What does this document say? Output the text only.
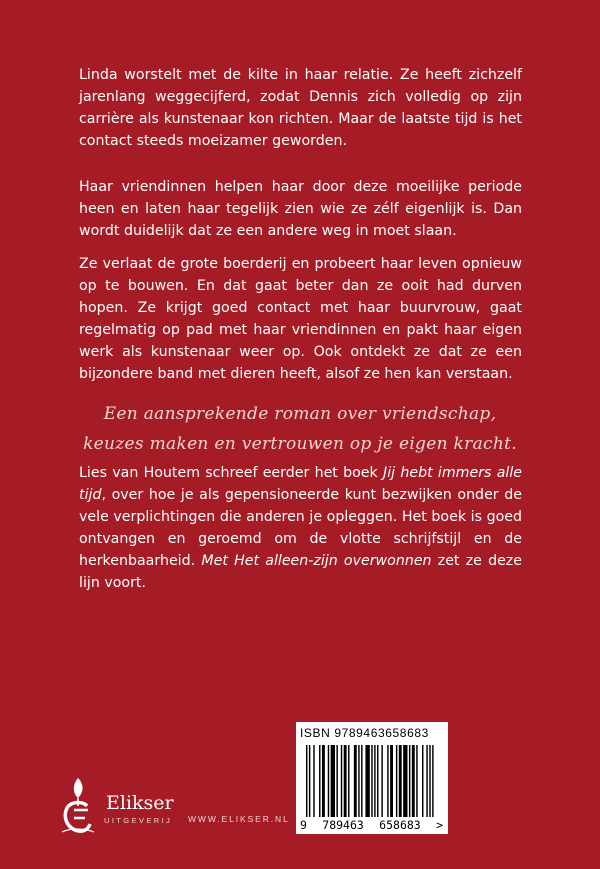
Linda worstelt met de kilte in haar relatie. Ze heeft zichzelf jarenlang weggecijferd, zodat Dennis zich volledig op zijn carrière als kunstenaar kon richten. Maar de laatste tijd is het contact steeds moeizamer geworden.

Haar vriendinnen helpen haar door deze moeilijke periode heen en laten haar tegelijk zien wie ze zélf eigenlijk is. Dan wordt duidelijk dat ze een andere weg in moet slaan.

Ze verlaat de grote boerderij en probeert haar leven opnieuw op te bouwen. En dat gaat beter dan ze ooit had durven hopen. Ze krijgt goed contact met haar buurvrouw, gaat regelmatig op pad met haar vriendinnen en pakt haar eigen werk als kunstenaar weer op. Ook ontdekt ze dat ze een bijzondere band met dieren heeft, alsof ze hen kan verstaan.

Een aansprekende roman over vriendschap,
keuzes maken en vertrouwen op je eigen kracht.

Lies van Houtem schreef eerder het boek Jij hebt immers alle tijd, over hoe je als gepensioneerde kunt bezwijken onder de vele verplichtingen die anderen je opleggen. Het boek is goed ontvangen en geroemd om de vlotte schrijfstijl en de herkenbaarheid. Met Het alleen-zijn overwonnen zet ze deze lijn voort.

ISBN 9789463658683
9 789463 658683 >
Elikser
UITGEVERIJ WWW.ELIKSER.NL
